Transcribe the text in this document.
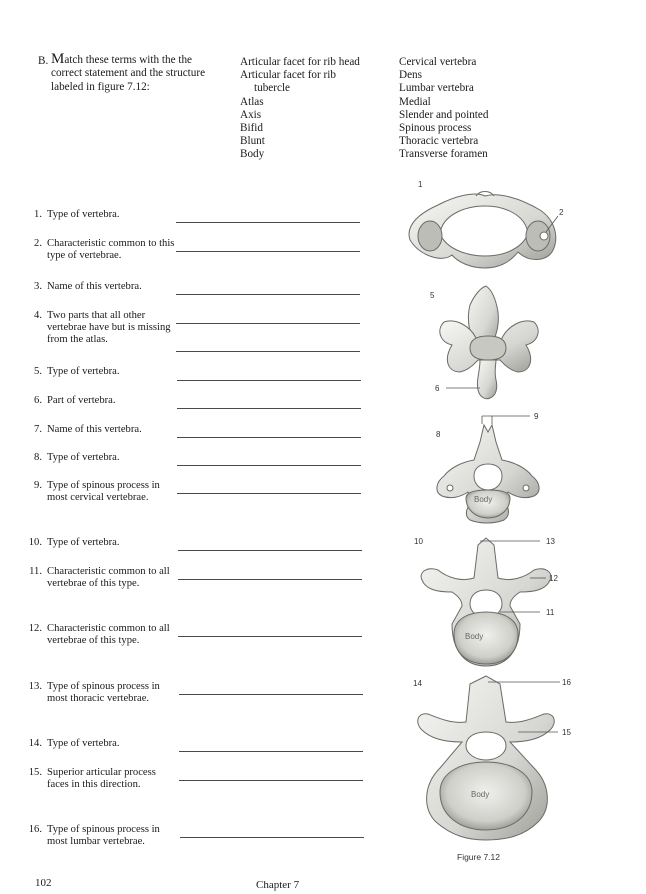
B. Match these terms with the the correct statement and the structure labeled in figure 7.12:
Articular facet for rib head
Articular facet for rib
tubercle
Atlas
Axis
Bifid
Blunt
Body
Cervical vertebra
Dens
Lumbar vertebra
Medial
Slender and pointed
Spinous process
Thoracic vertebra
Transverse foramen
1. Type of vertebra.
2. Characteristic common to this type of vertebrae.
3. Name of this vertebra.
4. Two parts that all other vertebrae have but is missing from the atlas.
5. Type of vertebra.
6. Part of vertebra.
7. Name of this vertebra.
8. Type of vertebra.
9. Type of spinous process in most cervical vertebrae.
10. Type of vertebra.
11. Characteristic common to all vertebrae of this type.
12. Characteristic common to all vertebrae of this type.
13. Type of spinous process in most thoracic vertebrae.
14. Type of vertebra.
15. Superior articular process faces in this direction.
16. Type of spinous process in most lumbar vertebrae.
1
2
5
6
9
8
10	13
12
11
14	16
15
Body
Body
Body
Figure 7.12
102	Chapter 7
